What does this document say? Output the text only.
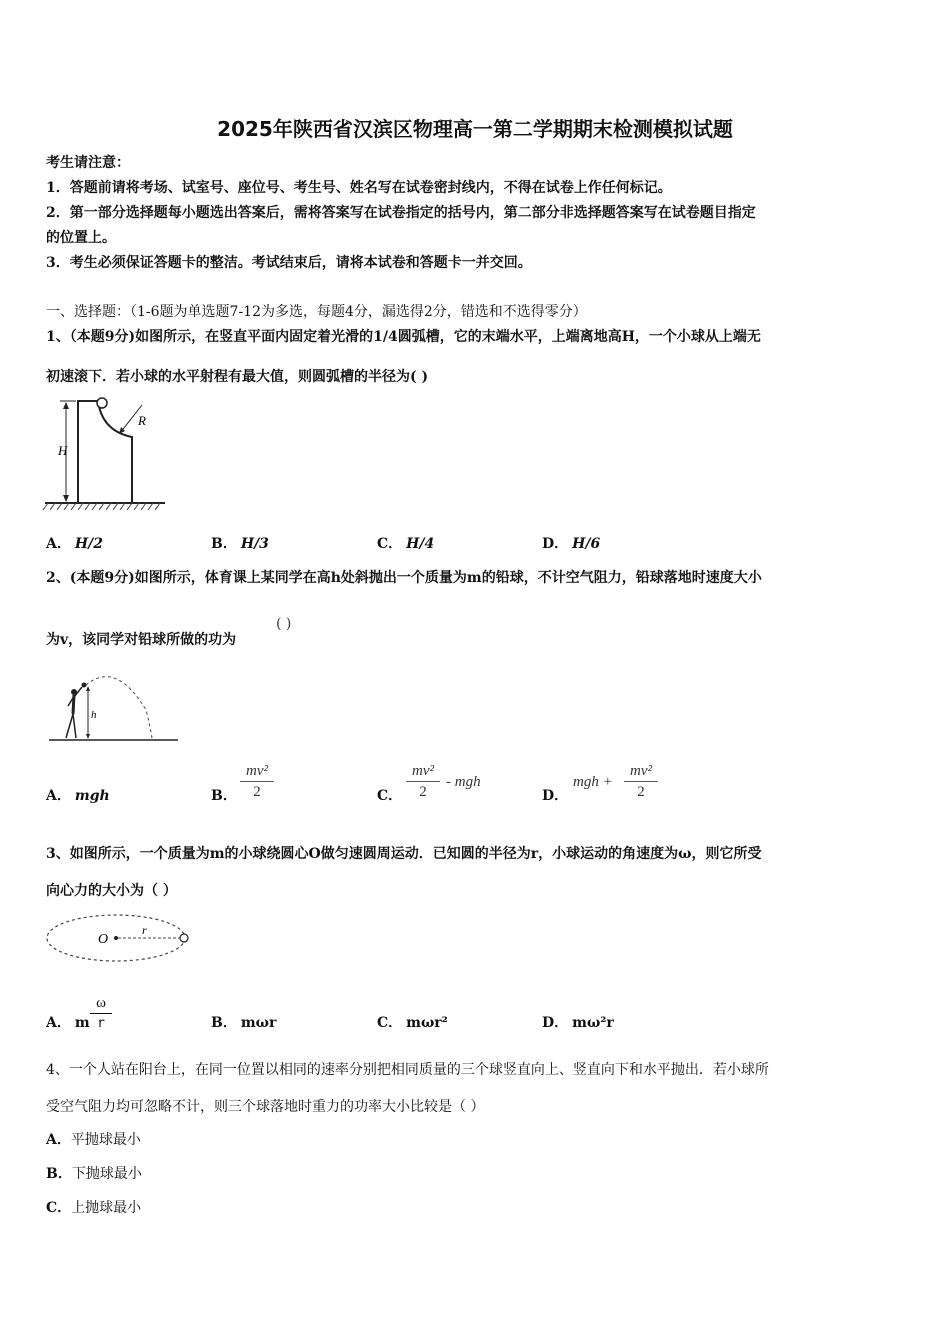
2025年陕西省汉滨区物理高一第二学期期末检测模拟试题
考生请注意：
1．答题前请将考场、试室号、座位号、考生号、姓名写在试卷密封线内，不得在试卷上作任何标记。
2．第一部分选择题每小题选出答案后，需将答案写在试卷指定的括号内，第二部分非选择题答案写在试卷题目指定
的位置上。
3．考生必须保证答题卡的整洁。考试结束后，请将本试卷和答题卡一并交回。
一、选择题：（1-6题为单选题7-12为多选，每题4分，漏选得2分，错选和不选得零分）
1、（本题9分)如图所示，在竖直平面内固定着光滑的1/4圆弧槽，它的末端水平，上端离地高H，一个小球从上端无
初速滚下．若小球的水平射程有最大值，则圆弧槽的半径为( )
H
R
A． H/2	B． H/3	C． H/4	D． H/6
2、(本题9分)如图所示，体育课上某同学在高h处斜抛出一个质量为m的铅球，不计空气阻力，铅球落地时速度大小
为v，该同学对铅球所做的功为
( )
h
A． mgh	B．
mv²
2	C．
mv²
2
- mgh
D．
mgh +
mv²
2
3、如图所示，一个质量为m的小球绕圆心O做匀速圆周运动．已知圆的半径为r，小球运动的角速度为ω，则它所受
向心力的大小为（ ）
O
r
A． m
ω
r	B． mωr	C． mωr²	D． mω²r
4、一个人站在阳台上，在同一位置以相同的速率分别把相同质量的三个球竖直向上、竖直向下和水平抛出．若小球所
受空气阻力均可忽略不计，则三个球落地时重力的功率大小比较是（ ）
A．平抛球最小
B．下抛球最小
C．上抛球最小
